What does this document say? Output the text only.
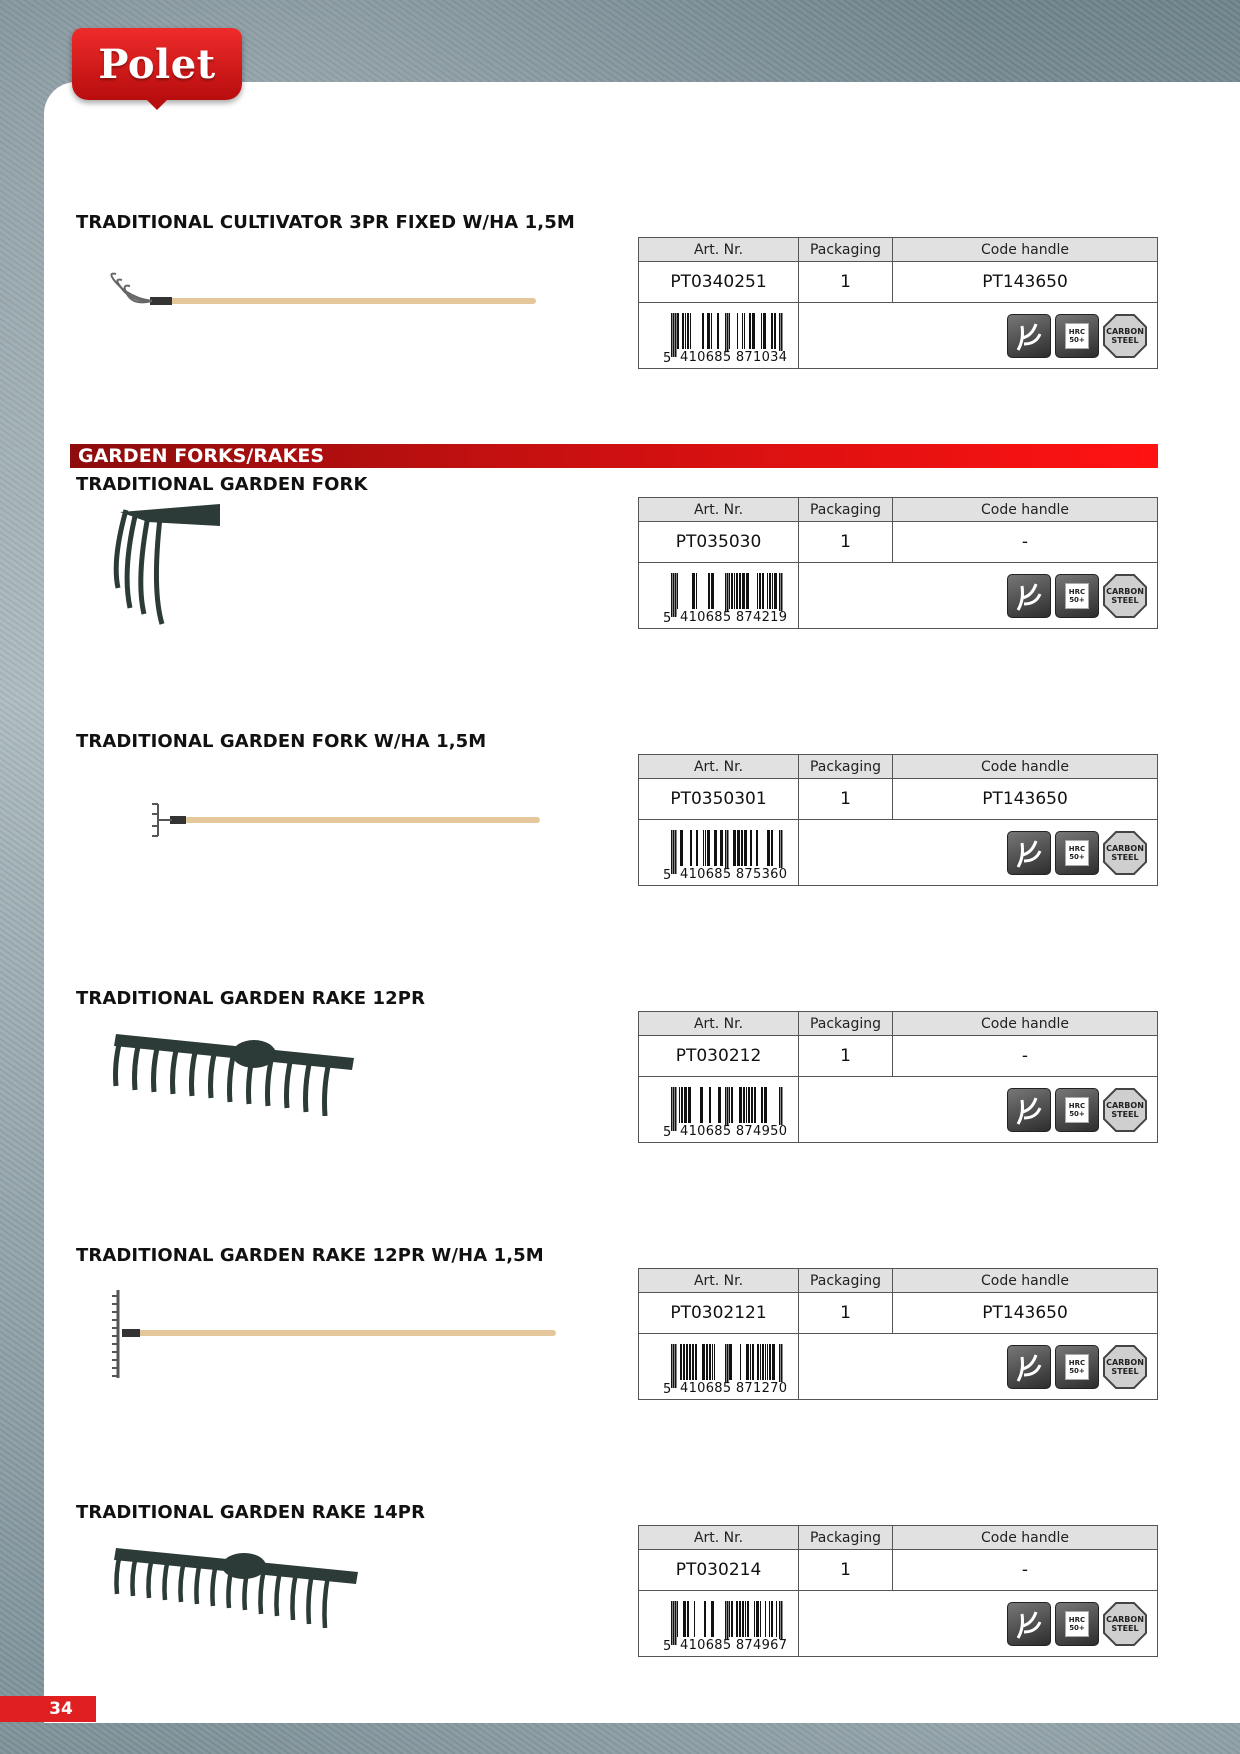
Polet
GARDEN FORKS/RAKES
TRADITIONAL CULTIVATOR 3PR FIXED W/HA 1,5M
Art. Nr.	Packaging	Code handle
PT0340251	1	PT143650
5 410685 871034
HRC 50+
CARBON STEEL
TRADITIONAL GARDEN FORK
Art. Nr.	Packaging	Code handle
PT035030	1	-
5 410685 874219
HRC 50+
CARBON STEEL
TRADITIONAL GARDEN FORK W/HA 1,5M
Art. Nr.	Packaging	Code handle
PT0350301	1	PT143650
5 410685 875360
HRC 50+
CARBON STEEL
TRADITIONAL GARDEN RAKE 12PR
Art. Nr.	Packaging	Code handle
PT030212	1	-
5 410685 874950
HRC 50+
CARBON STEEL
TRADITIONAL GARDEN RAKE 12PR W/HA 1,5M
Art. Nr.	Packaging	Code handle
PT0302121	1	PT143650
5 410685 871270
HRC 50+
CARBON STEEL
TRADITIONAL GARDEN RAKE 14PR
Art. Nr.	Packaging	Code handle
PT030214	1	-
5 410685 874967
HRC 50+
CARBON STEEL
34
